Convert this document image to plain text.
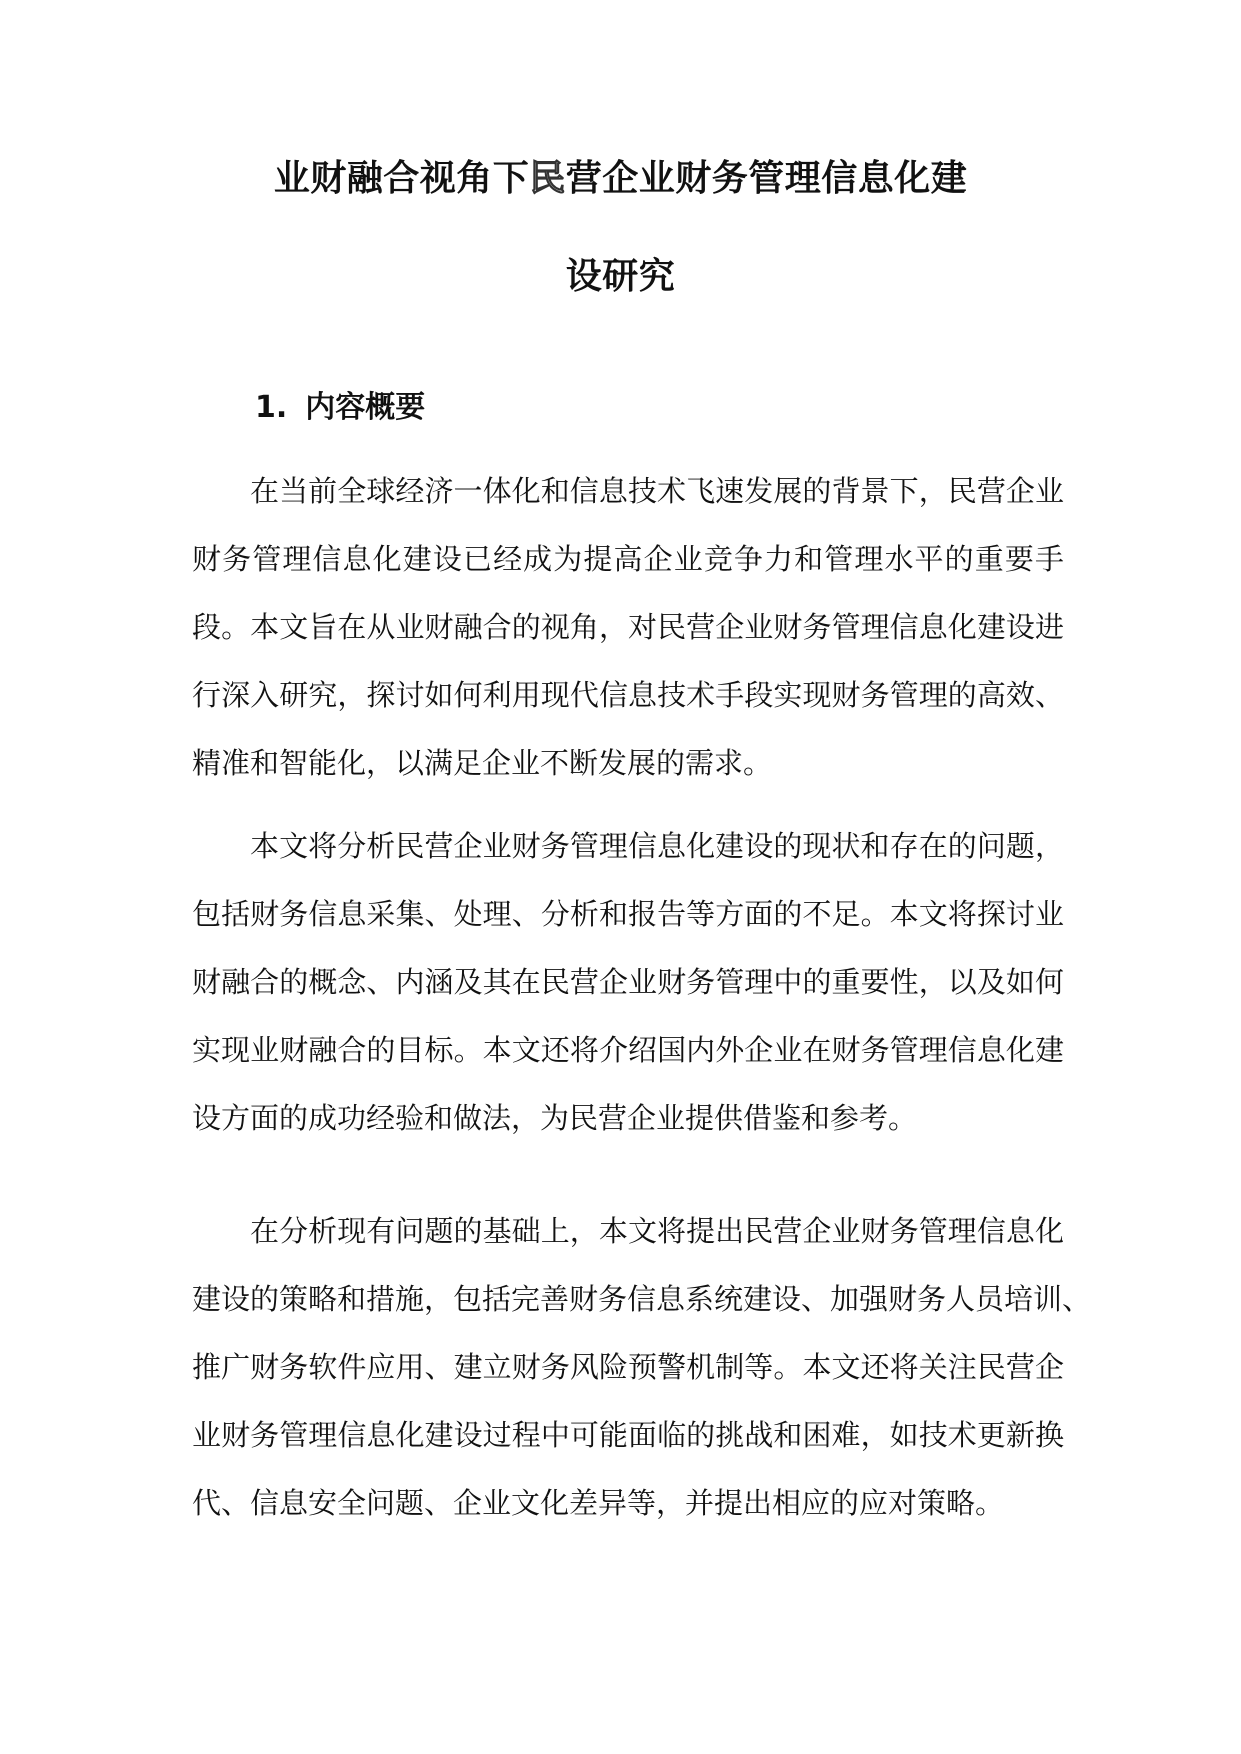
业财融合视角下民营企业财务管理信息化建
设研究
1. 内容概要

在当前全球经济一体化和信息技术飞速发展的背景下，民营企业
财务管理信息化建设已经成为提高企业竞争力和管理水平的重要手
段。本文旨在从业财融合的视角，对民营企业财务管理信息化建设进
行深入研究，探讨如何利用现代信息技术手段实现财务管理的高效、
精准和智能化，以满足企业不断发展的需求。

本文将分析民营企业财务管理信息化建设的现状和存在的问题，
包括财务信息采集、处理、分析和报告等方面的不足。本文将探讨业
财融合的概念、内涵及其在民营企业财务管理中的重要性，以及如何
实现业财融合的目标。本文还将介绍国内外企业在财务管理信息化建
设方面的成功经验和做法，为民营企业提供借鉴和参考。

在分析现有问题的基础上，本文将提出民营企业财务管理信息化
建设的策略和措施，包括完善财务信息系统建设、加强财务人员培训、
推广财务软件应用、建立财务风险预警机制等。本文还将关注民营企
业财务管理信息化建设过程中可能面临的挑战和困难，如技术更新换
代、信息安全问题、企业文化差异等，并提出相应的应对策略。
